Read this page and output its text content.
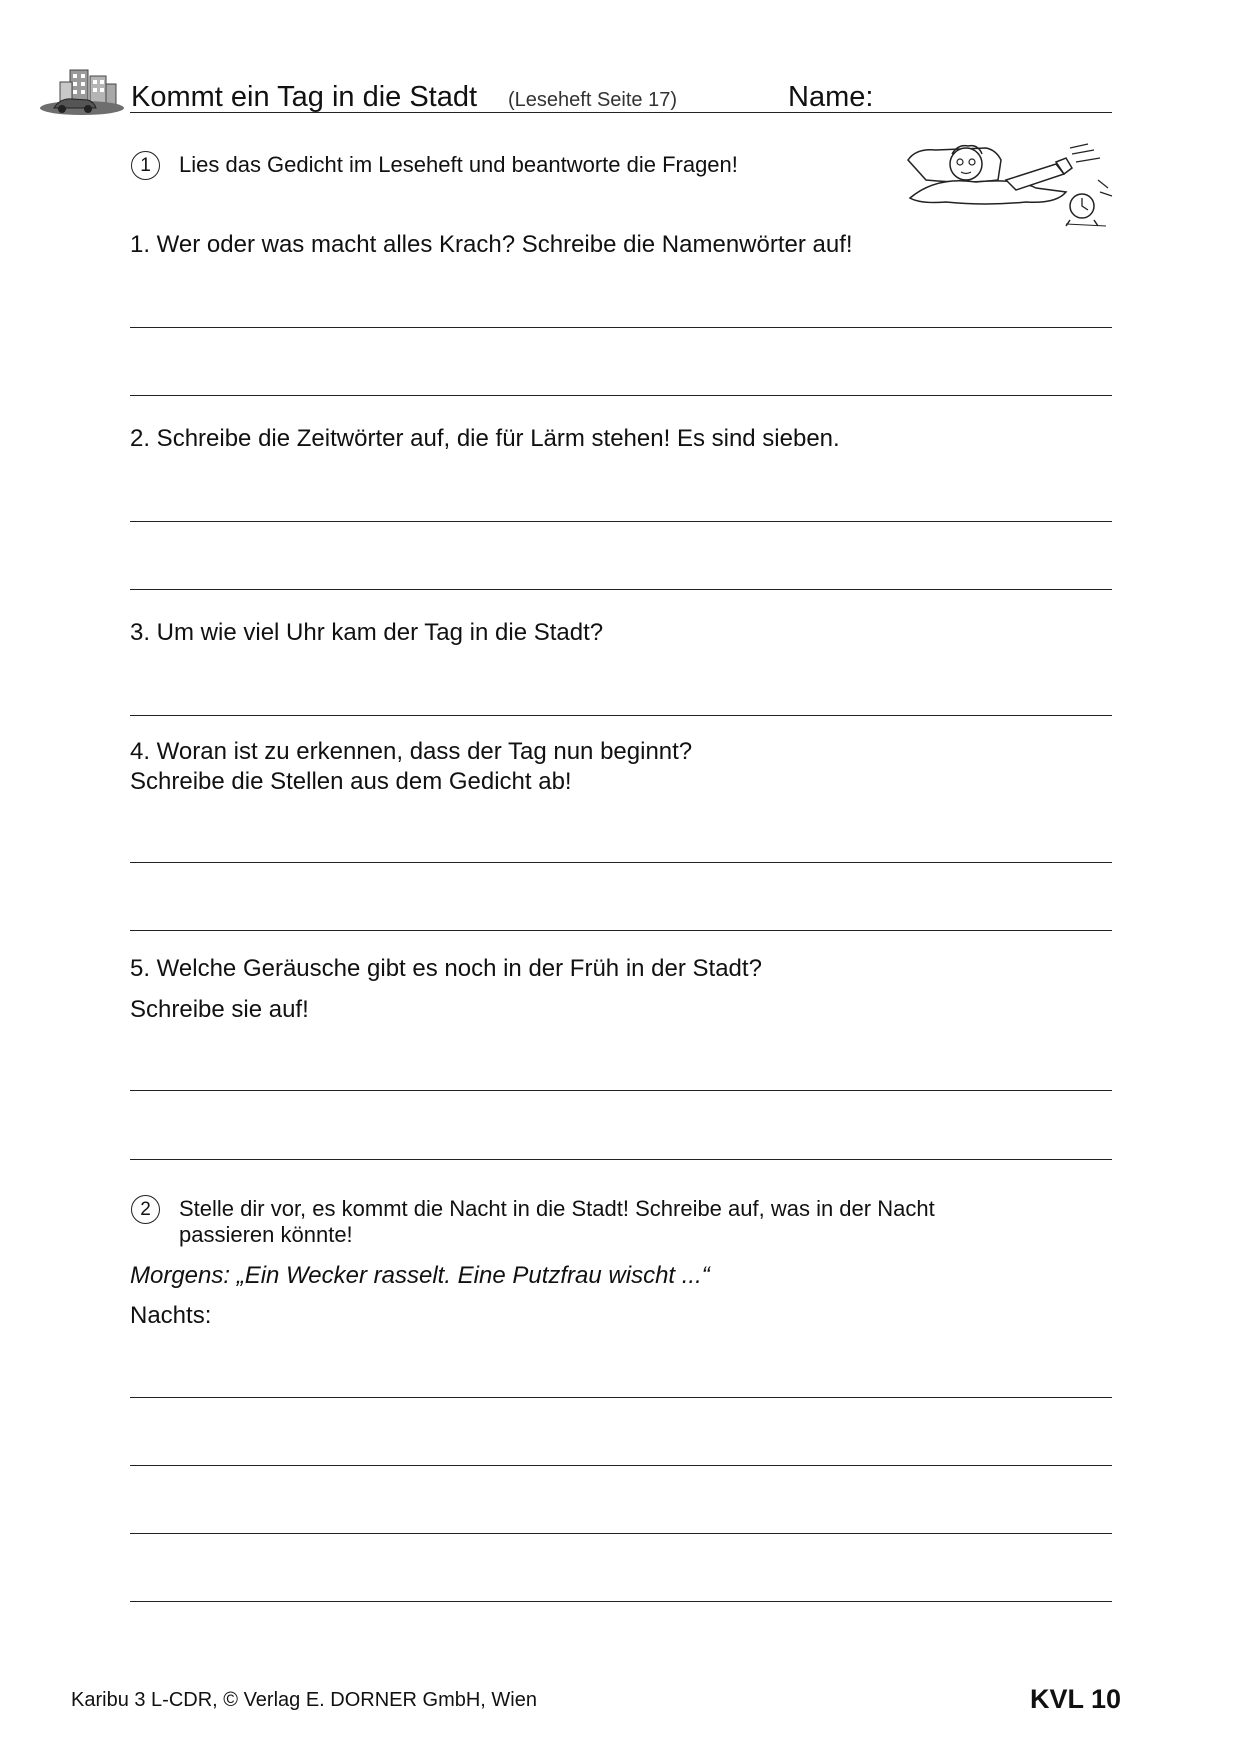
Kommt ein Tag in die Stadt (Leseheft Seite 17)	Name:
1	Lies das Gedicht im Leseheft und beantworte die Fragen!
1. Wer oder was macht alles Krach? Schreibe die Namenwörter auf!
2. Schreibe die Zeitwörter auf, die für Lärm stehen! Es sind sieben.
3. Um wie viel Uhr kam der Tag in die Stadt?
4. Woran ist zu erkennen, dass der Tag nun beginnt?
Schreibe die Stellen aus dem Gedicht ab!
5. Welche Geräusche gibt es noch in der Früh in der Stadt?
Schreibe sie auf!
2	Stelle dir vor, es kommt die Nacht in die Stadt! Schreibe auf, was in der Nacht
passieren könnte!
Morgens: „Ein Wecker rasselt. Eine Putzfrau wischt ...“
Nachts:
Karibu 3 L-CDR, © Verlag E. DORNER GmbH, Wien	KVL 10
